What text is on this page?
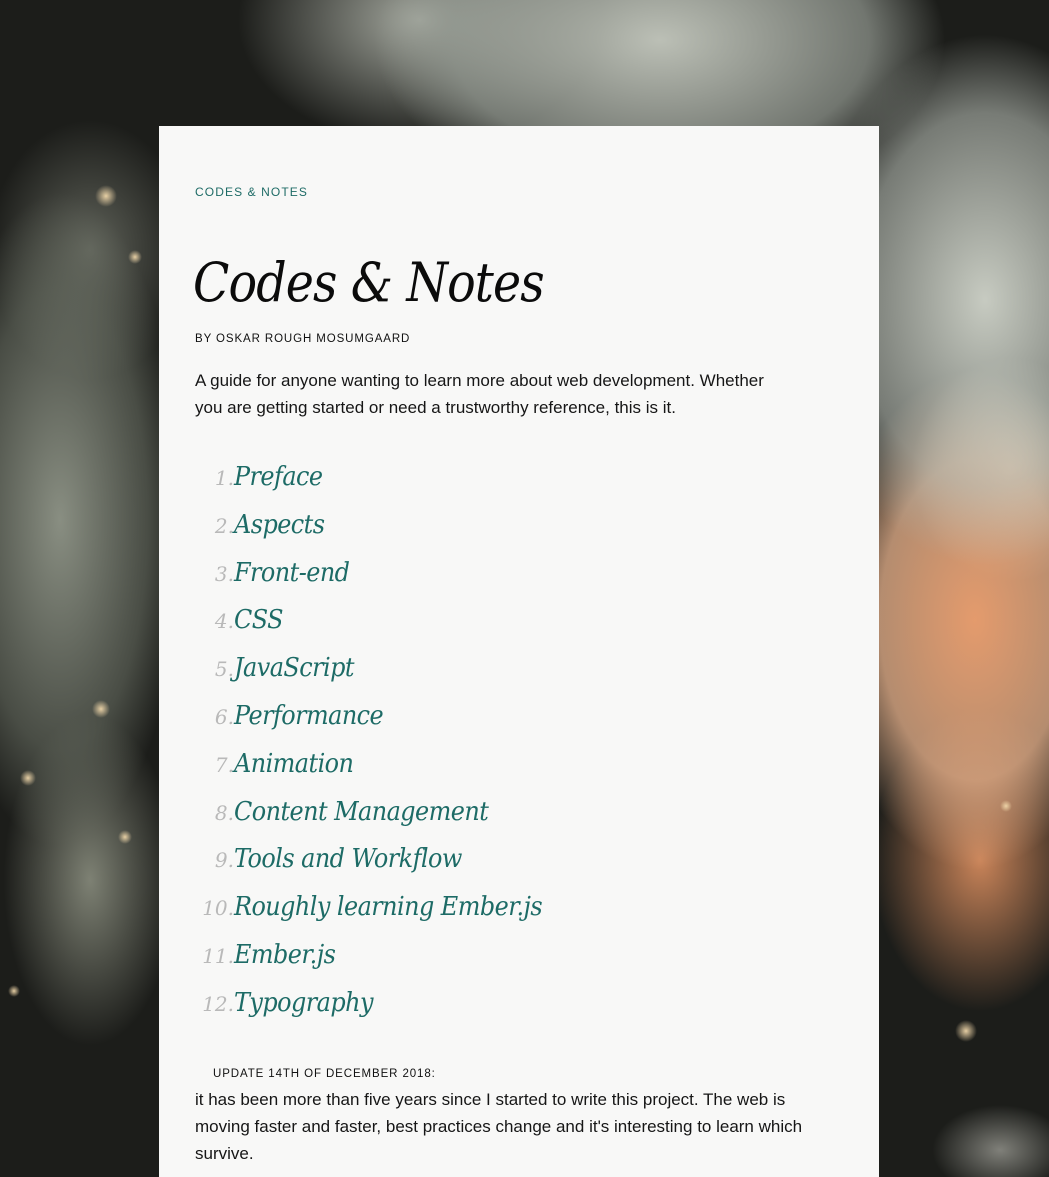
CODES & NOTES
Codes & Notes
BY OSKAR ROUGH MOSUMGAARD

A guide for anyone wanting to learn more about web development. Whether you are getting started or need a trustworthy reference, this is it.

1. Preface
2. Aspects
3. Front-end
4. CSS
5. JavaScript
6. Performance
7. Animation
8. Content Management
9. Tools and Workflow
10. Roughly learning Ember.js
11. Ember.js
12. Typography
UPDATE 14TH OF DECEMBER 2018:

it has been more than five years since I started to write this project. The web is moving faster and faster, best practices change and it's interesting to learn which survive.
